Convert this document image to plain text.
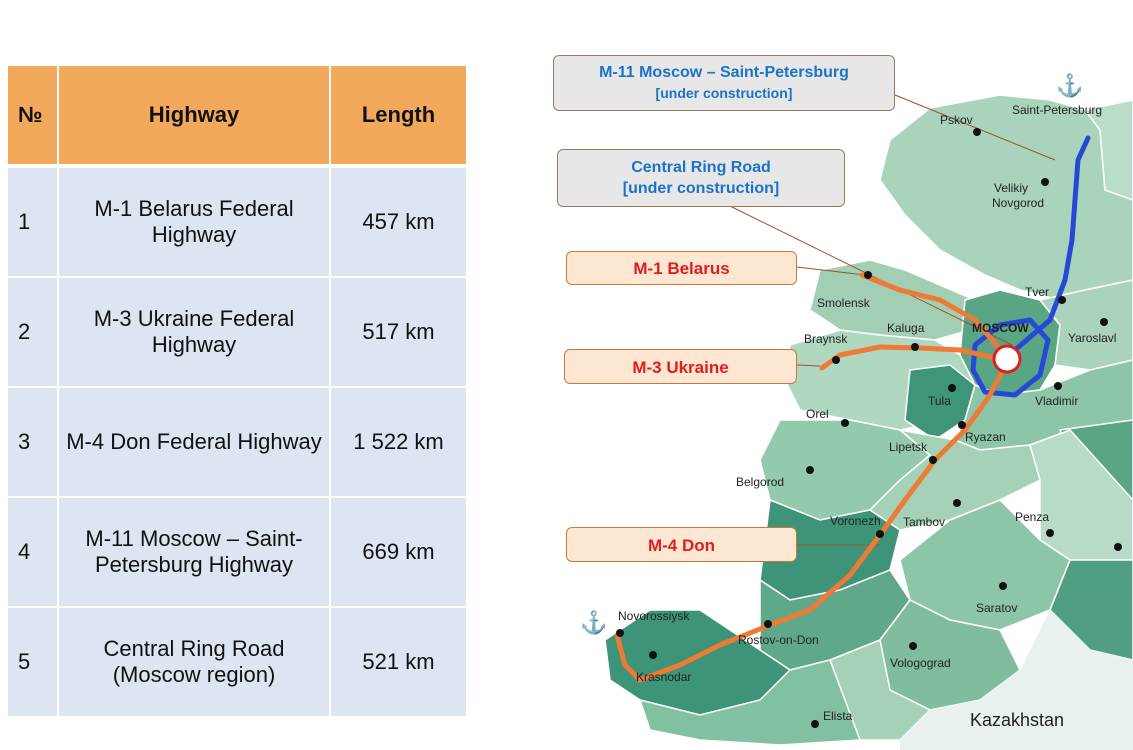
№	Highway	Length
1	M-1 Belarus Federal Highway	457 km
2	M-3 Ukraine Federal Highway	517 km
3	M-4 Don Federal Highway	1 522 km
4	M-11 Moscow – Saint-Petersburg Highway	669 km
5	Central Ring Road (Moscow region)	521 km
⚓
⚓
Saint-Petersburg
Pskov
Velikiy
Novgorod
Tver
Smolensk
Kaluga	MOSCOW
Yaroslavl
Braynsk
Tula	Vladimir
Orel
Ryazan
Lipetsk
Belgorod
Voronezh Tambov	Penza
Saratov
Novorossiysk
Rostov-on-Don
Krasnodar
Vologograd
Elista	Kazakhstan
M-11 Moscow – Saint-Petersburg
[under construction]
Central Ring Road
[under construction]
M-1 Belarus
M-3 Ukraine
M-4 Don
